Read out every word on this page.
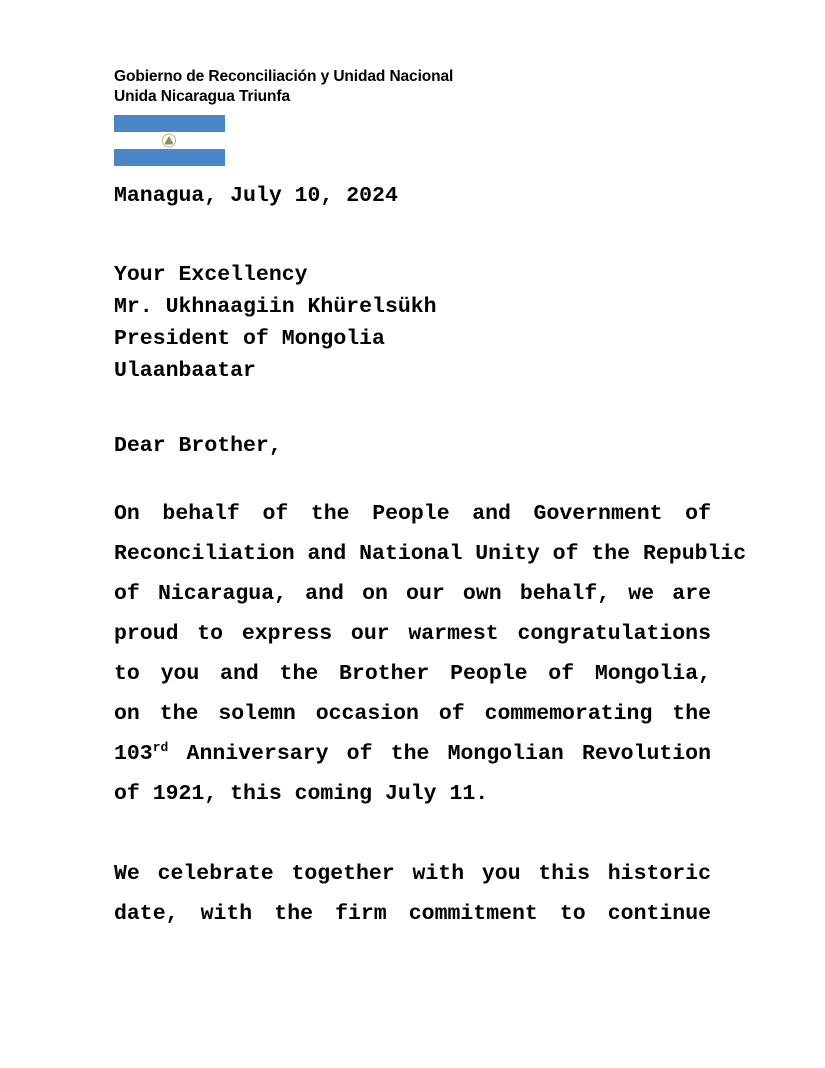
Gobierno de Reconciliación y Unidad Nacional
Unida Nicaragua Triunfa
Managua, July 10, 2024
Your Excellency
Mr. Ukhnaagiin Khürelsükh
President of Mongolia
Ulaanbaatar
Dear Brother,
On behalf of the People and Government of
Reconciliation and National Unity of the Republic
of Nicaragua, and on our own behalf, we are
proud to express our warmest congratulations
to you and the Brother People of Mongolia,
on the solemn occasion of commemorating the
103rd Anniversary of the Mongolian Revolution
of 1921, this coming July 11.
We celebrate together with you this historic
date, with the firm commitment to continue
